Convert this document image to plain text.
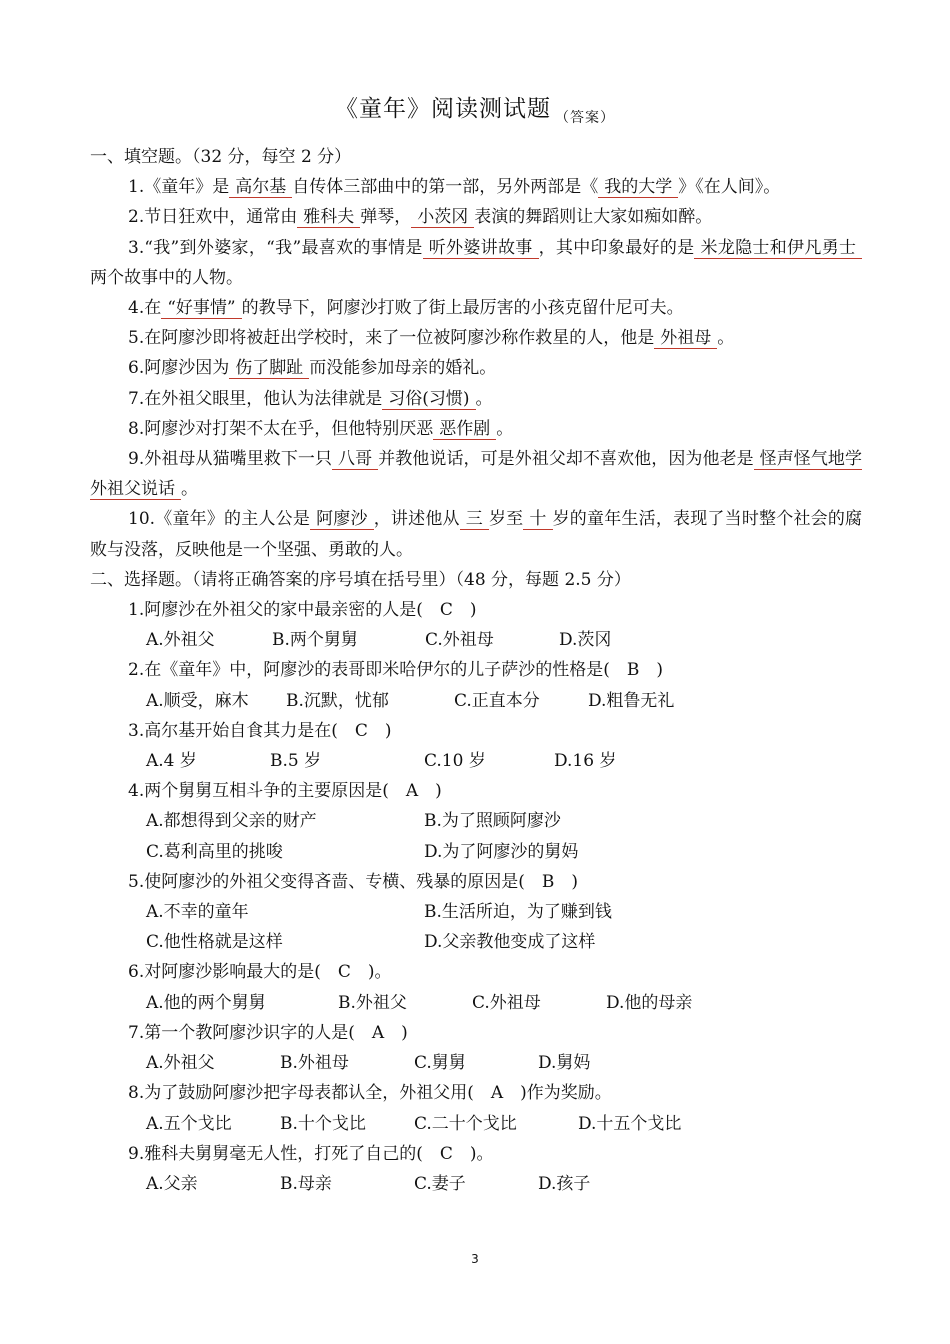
《童年》阅读测试题 $_{(答案)}$
一、填空题。（32 分，每空 2 分）
1.《童年》是 高尔基 自传体三部曲中的第一部，另外两部是《 我的大学 》《在人间》。
2.节日狂欢中，通常由 雅科夫 弹琴， 小茨冈 表演的舞蹈则让大家如痴如醉。
3.“我”到外婆家，“我”最喜欢的事情是 听外婆讲故事 ，其中印象最好的是 米龙隐士和伊凡勇士两个故事中的人物。
4.在 “好事情” 的教导下，阿廖沙打败了街上最厉害的小孩克留什尼可夫。
5.在阿廖沙即将被赶出学校时，来了一位被阿廖沙称作救星的人，他是 外祖母 。
6.阿廖沙因为 伤了脚趾 而没能参加母亲的婚礼。
7.在外祖父眼里，他认为法律就是 习俗(习惯) 。
8.阿廖沙对打架不太在乎，但他特别厌恶 恶作剧 。
9.外祖母从猫嘴里救下一只 八哥 并教他说话，可是外祖父却不喜欢他，因为他老是 怪声怪气地学外祖父说话 。
10.《童年》的主人公是 阿廖沙 ，讲述他从 三 岁至 十 岁的童年生活，表现了当时整个社会的腐败与没落，反映他是一个坚强、勇敢的人。
二、选择题。（请将正确答案的序号填在括号里）（48 分，每题 2.5 分）
1.阿廖沙在外祖父的家中最亲密的人是(　C　)
A.外祖父	B.两个舅舅	C.外祖母	D.茨冈
2.在《童年》中，阿廖沙的表哥即米哈伊尔的儿子萨沙的性格是(　B　)
A.顺受，麻木	B.沉默，忧郁	C.正直本分	D.粗鲁无礼
3.高尔基开始自食其力是在(　C　)
A.4 岁	B.5 岁	C.10 岁	D.16 岁
4.两个舅舅互相斗争的主要原因是(　A　)
A.都想得到父亲的财产	B.为了照顾阿廖沙
C.葛利高里的挑唆	D.为了阿廖沙的舅妈
5.使阿廖沙的外祖父变得吝啬、专横、残暴的原因是(　B　)
A.不幸的童年	B.生活所迫，为了赚到钱
C.他性格就是这样	D.父亲教他变成了这样
6.对阿廖沙影响最大的是(　C　)。
A.他的两个舅舅	B.外祖父	C.外祖母	D.他的母亲
7.第一个教阿廖沙识字的人是(　A　)
A.外祖父	B.外祖母	C.舅舅	D.舅妈
8.为了鼓励阿廖沙把字母表都认全，外祖父用(　A　)作为奖励。
A.五个戈比	B.十个戈比	C.二十个戈比	D.十五个戈比
9.雅科夫舅舅毫无人性，打死了自己的(　C　)。
A.父亲	B.母亲	C.妻子	D.孩子
3
